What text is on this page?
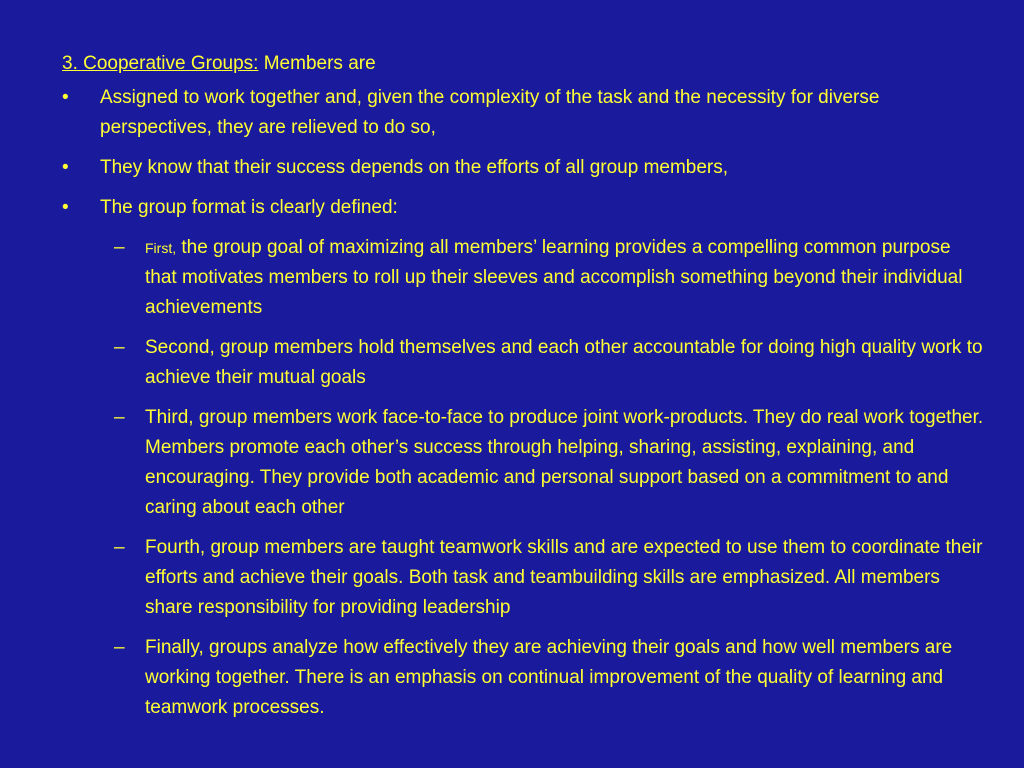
3. Cooperative Groups: Members are
• Assigned to work together and, given the complexity of the task and the necessity for diverse perspectives, they are relieved to do so,
• They know that their success depends on the efforts of all group members,
• The group format is clearly defined:
– First, the group goal of maximizing all members’ learning provides a compelling common purpose that motivates members to roll up their sleeves and accomplish something beyond their individual achievements
– Second, group members hold themselves and each other accountable for doing high quality work to achieve their mutual goals
– Third, group members work face-to-face to produce joint work-products. They do real work together. Members promote each other’s success through helping, sharing, assisting, explaining, and encouraging. They provide both academic and personal support based on a commitment to and caring about each other
– Fourth, group members are taught teamwork skills and are expected to use them to coordinate their efforts and achieve their goals. Both task and teambuilding skills are emphasized. All members share responsibility for providing leadership
– Finally, groups analyze how effectively they are achieving their goals and how well members are working together. There is an emphasis on continual improvement of the quality of learning and teamwork processes.
